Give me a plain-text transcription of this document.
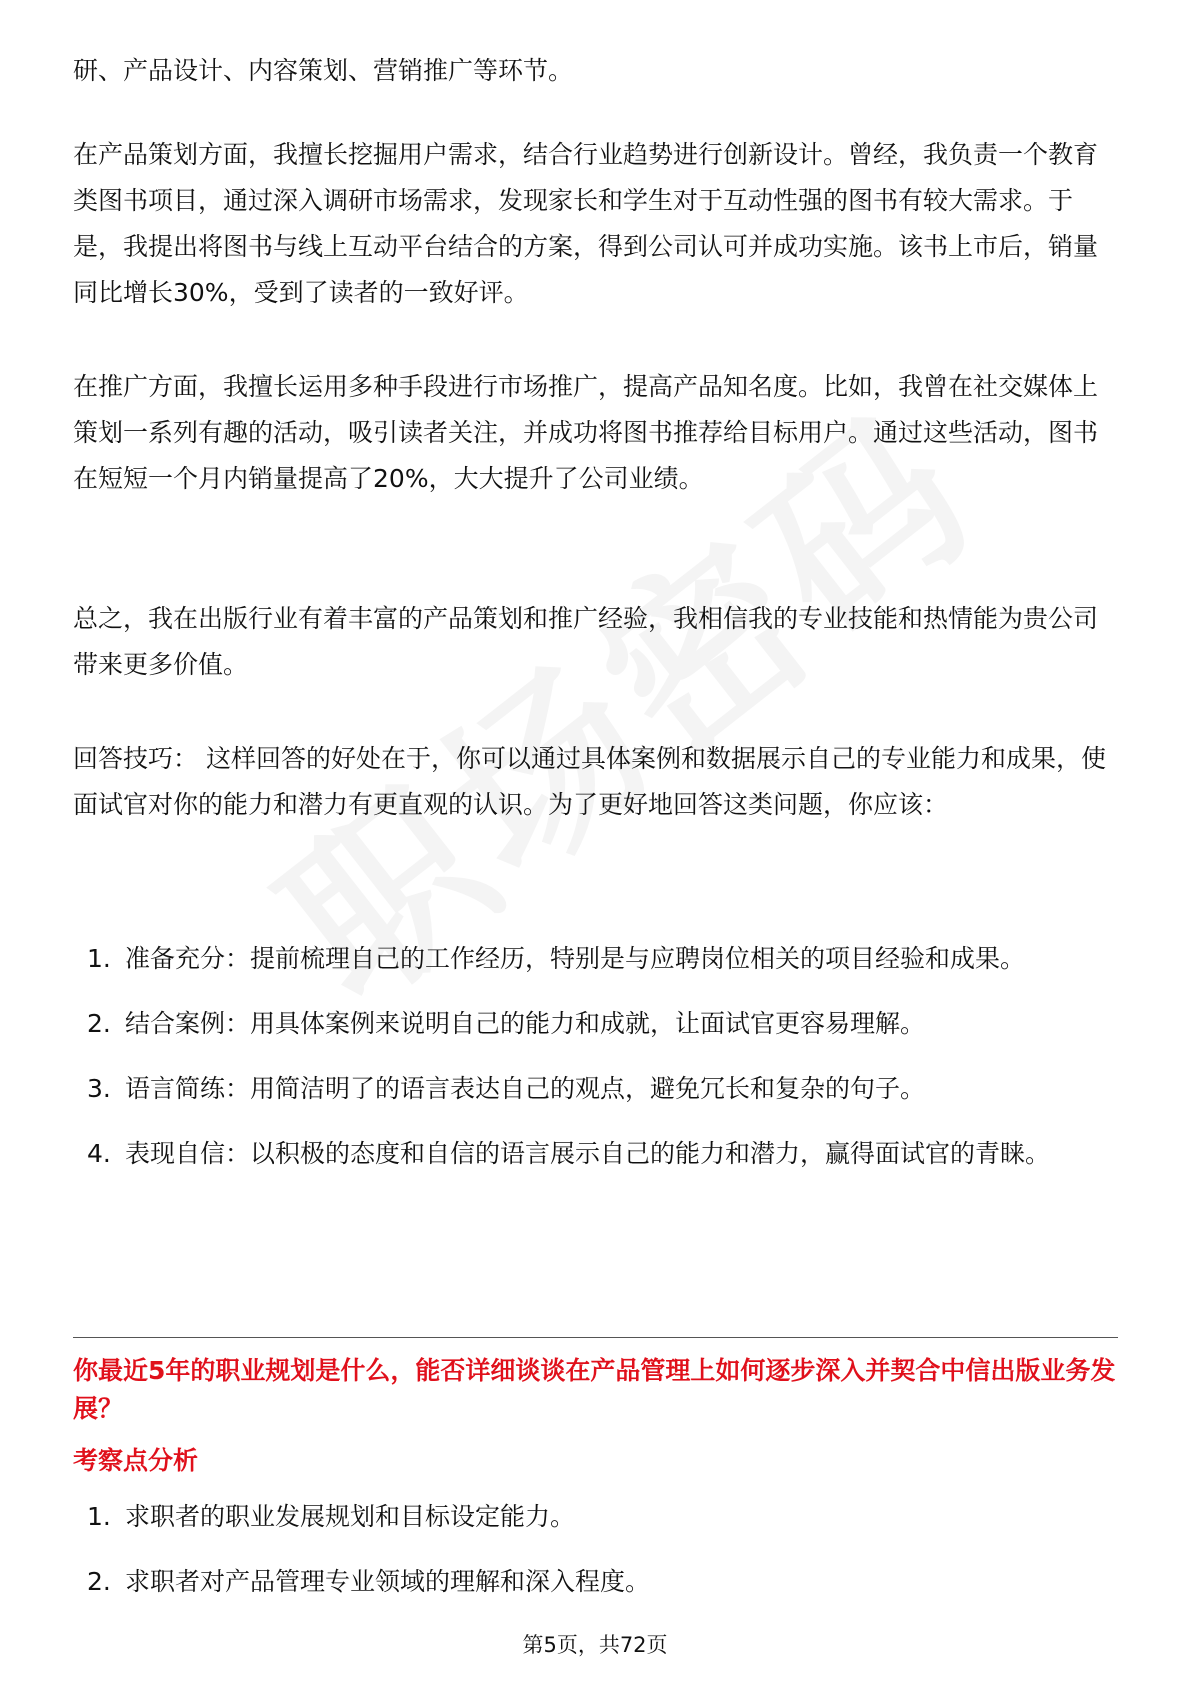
研、产品设计、内容策划、营销推广等环节。

在产品策划方面，我擅长挖掘用户需求，结合行业趋势进行创新设计。曾经，我负责一个教育类图书项目，通过深入调研市场需求，发现家长和学生对于互动性强的图书有较大需求。于是，我提出将图书与线上互动平台结合的方案，得到公司认可并成功实施。该书上市后，销量同比增长30%，受到了读者的一致好评。

在推广方面，我擅长运用多种手段进行市场推广，提高产品知名度。比如，我曾在社交媒体上策划一系列有趣的活动，吸引读者关注，并成功将图书推荐给目标用户。通过这些活动，图书在短短一个月内销量提高了20%，大大提升了公司业绩。

总之，我在出版行业有着丰富的产品策划和推广经验，我相信我的专业技能和热情能为贵公司带来更多价值。

回答技巧： 这样回答的好处在于，你可以通过具体案例和数据展示自己的专业能力和成果，使面试官对你的能力和潜力有更直观的认识。为了更好地回答这类问题，你应该：

1. 准备充分：提前梳理自己的工作经历，特别是与应聘岗位相关的项目经验和成果。
2. 结合案例：用具体案例来说明自己的能力和成就，让面试官更容易理解。
3. 语言简练：用简洁明了的语言表达自己的观点，避免冗长和复杂的句子。
4. 表现自信：以积极的态度和自信的语言展示自己的能力和潜力，赢得面试官的青睐。
你最近5年的职业规划是什么，能否详细谈谈在产品管理上如何逐步深入并契合中信出版业务发展？
考察点分析
1. 求职者的职业发展规划和目标设定能力。
2. 求职者对产品管理专业领域的理解和深入程度。
第5页，共72页
